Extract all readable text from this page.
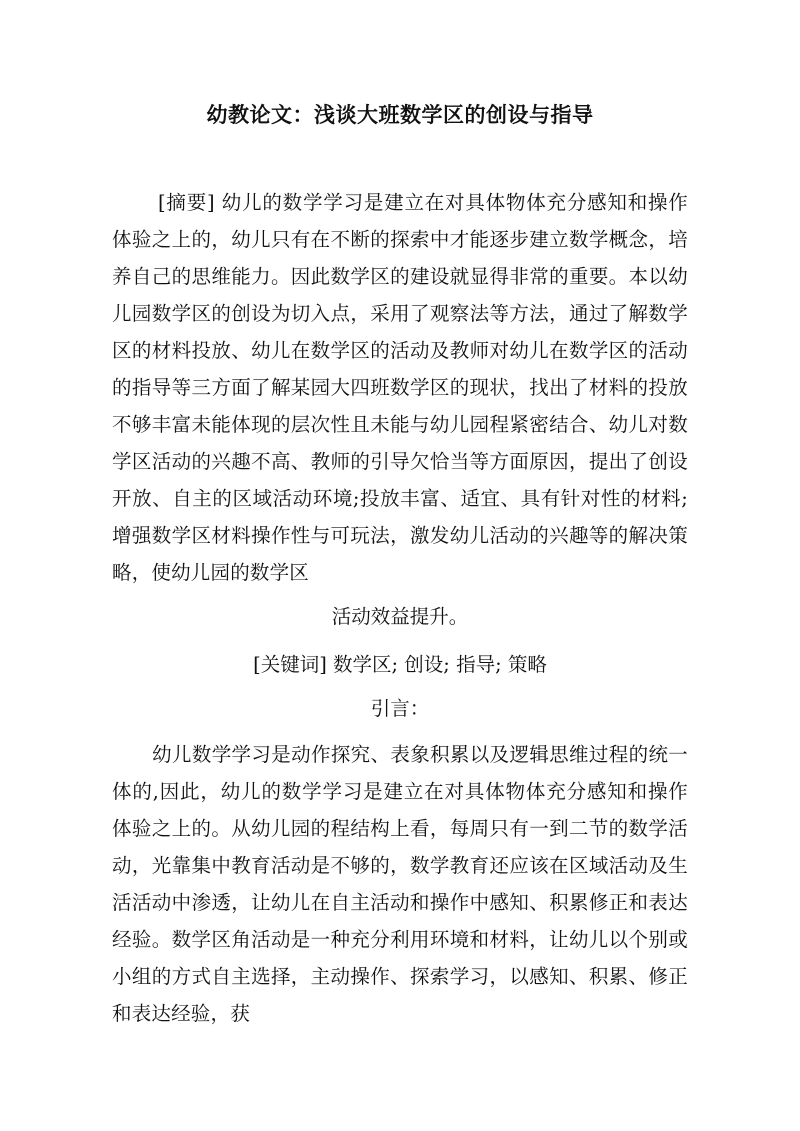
幼教论文：浅谈大班数学区的创设与指导
[摘要] 幼儿的数学学习是建立在对具体物体充分感知和操作体验之上的，幼儿只有在不断的探索中才能逐步建立数学概念，培养自己的思维能力。因此数学区的建设就显得非常的重要。本以幼儿园数学区的创设为切入点，采用了观察法等方法，通过了解数学区的材料投放、幼儿在数学区的活动及教师对幼儿在数学区的活动的指导等三方面了解某园大四班数学区的现状，找出了材料的投放不够丰富未能体现的层次性且未能与幼儿园程紧密结合、幼儿对数学区活动的兴趣不高、教师的引导欠恰当等方面原因，提出了创设开放、自主的区域活动环境;投放丰富、适宜、具有针对性的材料;增强数学区材料操作性与可玩法，激发幼儿活动的兴趣等的解决策略，使幼儿园的数学区
活动效益提升。
[关键词] 数学区; 创设; 指导; 策略
引言：
幼儿数学学习是动作探究、表象积累以及逻辑思维过程的统一体的,因此，幼儿的数学学习是建立在对具体物体充分感知和操作体验之上的。从幼儿园的程结构上看，每周只有一到二节的数学活动，光靠集中教育活动是不够的，数学教育还应该在区域活动及生活活动中渗透，让幼儿在自主活动和操作中感知、积累修正和表达经验。数学区角活动是一种充分利用环境和材料，让幼儿以个别或小组的方式自主选择，主动操作、探索学习，以感知、积累、修正和表达经验，获
